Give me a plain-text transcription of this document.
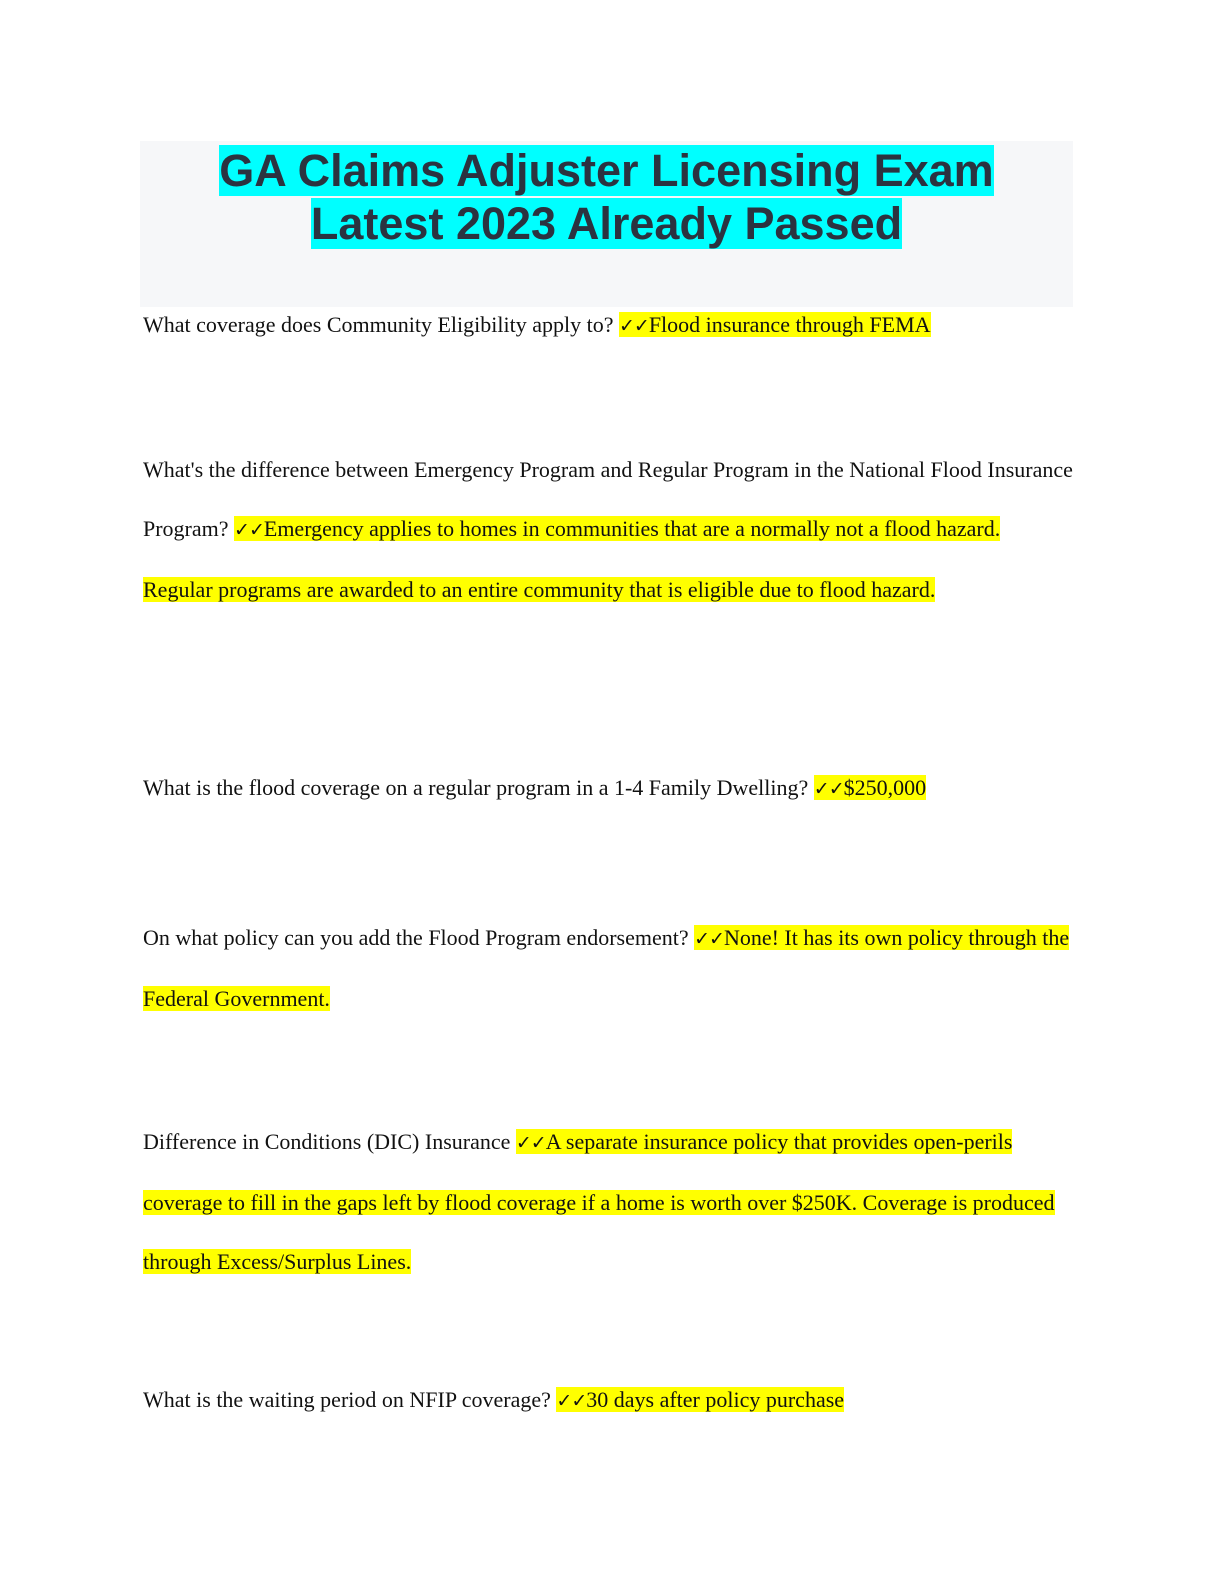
GA Claims Adjuster Licensing Exam
Latest 2023 Already Passed

What coverage does Community Eligibility apply to? ✓✓Flood insurance through FEMA

What's the difference between Emergency Program and Regular Program in the National Flood Insurance Program? ✓✓Emergency applies to homes in communities that are a normally not a flood hazard. Regular programs are awarded to an entire community that is eligible due to flood hazard.

What is the flood coverage on a regular program in a 1-4 Family Dwelling? ✓✓$250,000

On what policy can you add the Flood Program endorsement? ✓✓None! It has its own policy through the Federal Government.

Difference in Conditions (DIC) Insurance ✓✓A separate insurance policy that provides open-perils coverage to fill in the gaps left by flood coverage if a home is worth over $250K. Coverage is produced through Excess/Surplus Lines.

What is the waiting period on NFIP coverage? ✓✓30 days after policy purchase
